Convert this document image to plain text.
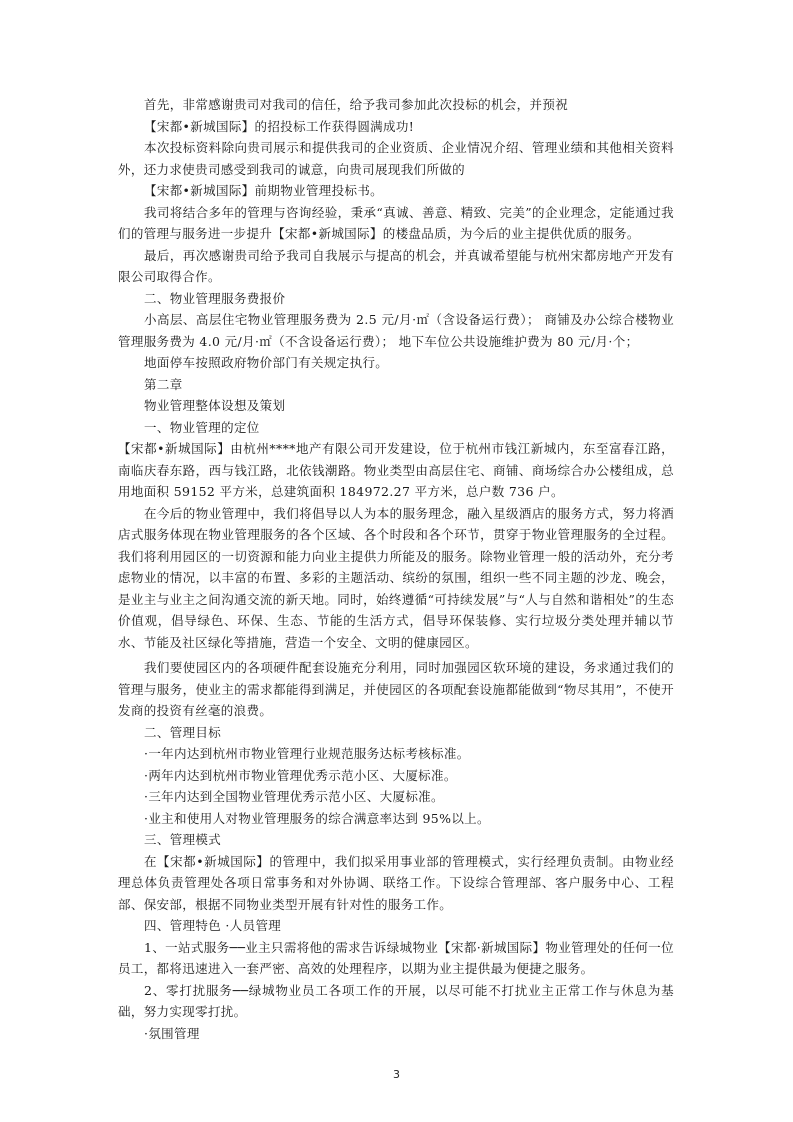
首先，非常感谢贵司对我司的信任，给予我司参加此次投标的机会，并预祝

【宋都•新城国际】的招投标工作获得圆满成功!

本次投标资料除向贵司展示和提供我司的企业资质、企业情况介绍、管理业绩和其他相关资料外，还力求使贵司感受到我司的诚意，向贵司展现我们所做的

【宋都•新城国际】前期物业管理投标书。

我司将结合多年的管理与咨询经验，秉承“真诚、善意、精致、完美”的企业理念，定能通过我们的管理与服务进一步提升【宋都•新城国际】的楼盘品质，为今后的业主提供优质的服务。

最后，再次感谢贵司给予我司自我展示与提高的机会，并真诚希望能与杭州宋都房地产开发有限公司取得合作。

二、物业管理服务费报价

小高层、高层住宅物业管理服务费为 2.5 元/月·㎡（含设备运行费）； 商铺及办公综合楼物业管理服务费为 4.0 元/月·㎡（不含设备运行费）； 地下车位公共设施维护费为 80 元/月·个；

地面停车按照政府物价部门有关规定执行。

第二章

物业管理整体设想及策划

一、物业管理的定位

【宋都•新城国际】由杭州****地产有限公司开发建设，位于杭州市钱江新城内，东至富春江路，南临庆春东路，西与钱江路，北依钱潮路。物业类型由高层住宅、商铺、商场综合办公楼组成，总用地面积 59152 平方米，总建筑面积 184972.27 平方米，总户数 736 户。

在今后的物业管理中，我们将倡导以人为本的服务理念，融入星级酒店的服务方式，努力将酒店式服务体现在物业管理服务的各个区域、各个时段和各个环节，贯穿于物业管理服务的全过程。我们将利用园区的一切资源和能力向业主提供力所能及的服务。除物业管理一般的活动外，充分考虑物业的情况，以丰富的布置、多彩的主题活动、缤纷的氛围，组织一些不同主题的沙龙、晚会，是业主与业主之间沟通交流的新天地。同时，始终遵循“可持续发展”与“人与自然和谐相处”的生态价值观，倡导绿色、环保、生态、节能的生活方式，倡导环保装修、实行垃圾分类处理并辅以节水、节能及社区绿化等措施，营造一个安全、文明的健康园区。

我们要使园区内的各项硬件配套设施充分利用，同时加强园区软环境的建设，务求通过我们的管理与服务，使业主的需求都能得到满足，并使园区的各项配套设施都能做到“物尽其用”，不使开发商的投资有丝毫的浪费。

二、管理目标

·一年内达到杭州市物业管理行业规范服务达标考核标准。

·两年内达到杭州市物业管理优秀示范小区、大厦标准。

·三年内达到全国物业管理优秀示范小区、大厦标准。

·业主和使用人对物业管理服务的综合满意率达到 95%以上。

三、管理模式

在【宋都•新城国际】的管理中，我们拟采用事业部的管理模式，实行经理负责制。由物业经理总体负责管理处各项日常事务和对外协调、联络工作。下设综合管理部、客户服务中心、工程部、保安部，根据不同物业类型开展有针对性的服务工作。

四、管理特色 ·人员管理

1、一站式服务──业主只需将他的需求告诉绿城物业【宋都·新城国际】物业管理处的任何一位员工，都将迅速进入一套严密、高效的处理程序，以期为业主提供最为便捷之服务。

2、零打扰服务──绿城物业员工各项工作的开展，以尽可能不打扰业主正常工作与休息为基础，努力实现零打扰。

·氛围管理

3
